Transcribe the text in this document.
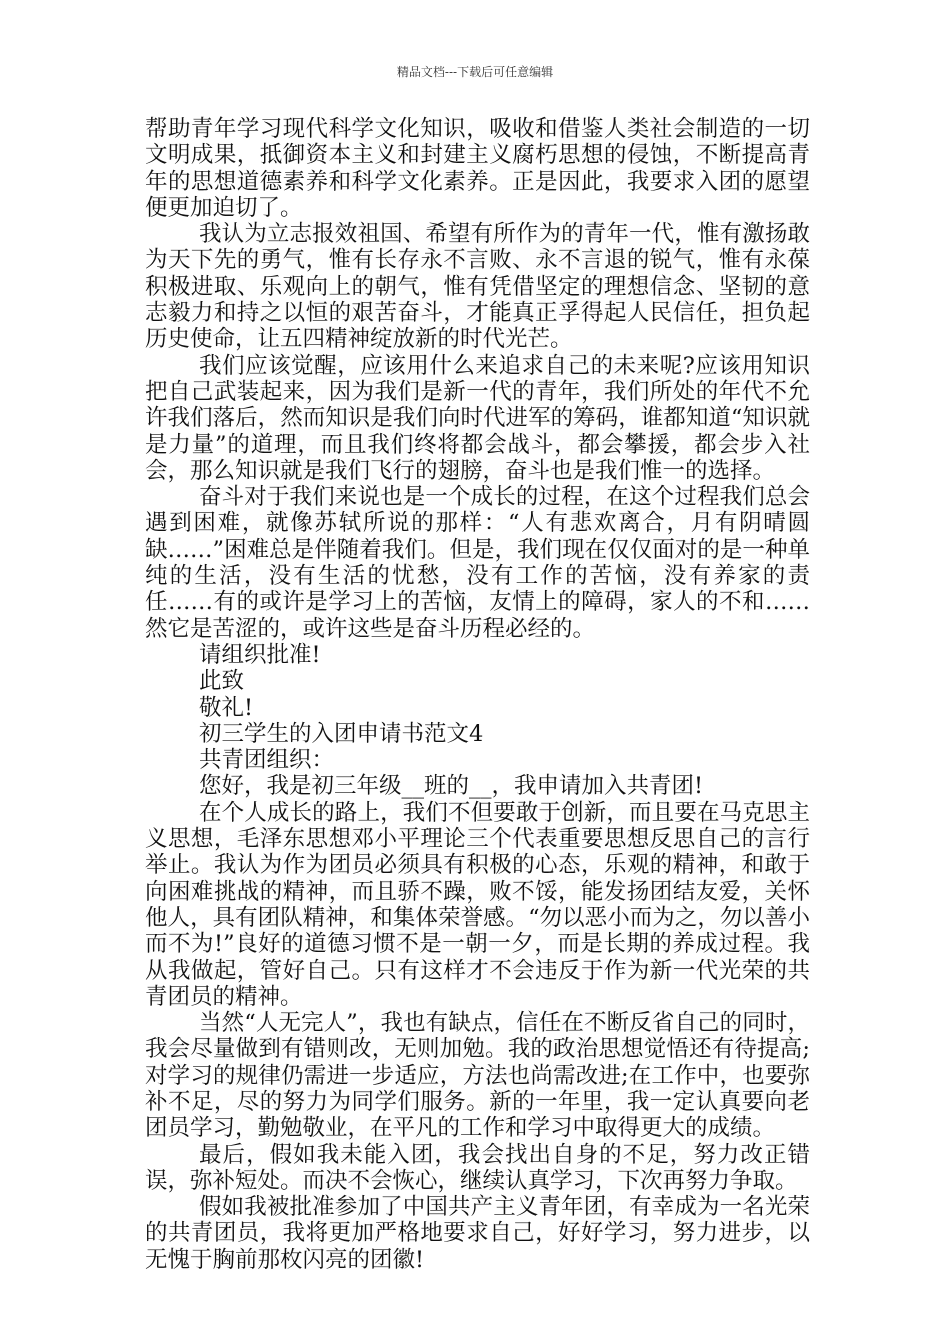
精品文档---下载后可任意编辑

帮助青年学习现代科学文化知识，吸收和借鉴人类社会制造的一切文明成果，抵御资本主义和封建主义腐朽思想的侵蚀，不断提高青年的思想道德素养和科学文化素养。正是因此，我要求入团的愿望便更加迫切了。

我认为立志报效祖国、希望有所作为的青年一代，惟有激扬敢为天下先的勇气，惟有长存永不言败、永不言退的锐气，惟有永葆积极进取、乐观向上的朝气，惟有凭借坚定的理想信念、坚韧的意志毅力和持之以恒的艰苦奋斗，才能真正孚得起人民信任，担负起历史使命，让五四精神绽放新的时代光芒。

我们应该觉醒，应该用什么来追求自己的未来呢?应该用知识把自己武装起来，因为我们是新一代的青年，我们所处的年代不允许我们落后，然而知识是我们向时代进军的筹码，谁都知道“知识就是力量”的道理，而且我们终将都会战斗，都会攀援，都会步入社会，那么知识就是我们飞行的翅膀，奋斗也是我们惟一的选择。

奋斗对于我们来说也是一个成长的过程，在这个过程我们总会遇到困难，就像苏轼所说的那样：“人有悲欢离合，月有阴晴圆缺……”困难总是伴随着我们。但是，我们现在仅仅面对的是一种单纯的生活，没有生活的忧愁，没有工作的苦恼，没有养家的责任……有的或许是学习上的苦恼，友情上的障碍，家人的不和……然它是苦涩的，或许这些是奋斗历程必经的。

请组织批准!

此致

敬礼!

初三学生的入团申请书范文4

共青团组织：

您好，我是初三年级__班的__，我申请加入共青团!

在个人成长的路上，我们不但要敢于创新，而且要在马克思主义思想，毛泽东思想邓小平理论三个代表重要思想反思自己的言行举止。我认为作为团员必须具有积极的心态，乐观的精神，和敢于向困难挑战的精神，而且骄不躁，败不馁，能发扬团结友爱，关怀他人，具有团队精神，和集体荣誉感。“勿以恶小而为之，勿以善小而不为!”良好的道德习惯不是一朝一夕，而是长期的养成过程。我从我做起，管好自己。只有这样才不会违反于作为新一代光荣的共青团员的精神。

当然“人无完人”，我也有缺点，信任在不断反省自己的同时，我会尽量做到有错则改，无则加勉。我的政治思想觉悟还有待提高;对学习的规律仍需进一步适应，方法也尚需改进;在工作中，也要弥补不足，尽的努力为同学们服务。新的一年里，我一定认真要向老团员学习，勤勉敬业，在平凡的工作和学习中取得更大的成绩。

最后，假如我未能入团，我会找出自身的不足，努力改正错误，弥补短处。而决不会恢心，继续认真学习，下次再努力争取。

假如我被批准参加了中国共产主义青年团，有幸成为一名光荣的共青团员，我将更加严格地要求自己，好好学习，努力进步，以无愧于胸前那枚闪亮的团徽!
